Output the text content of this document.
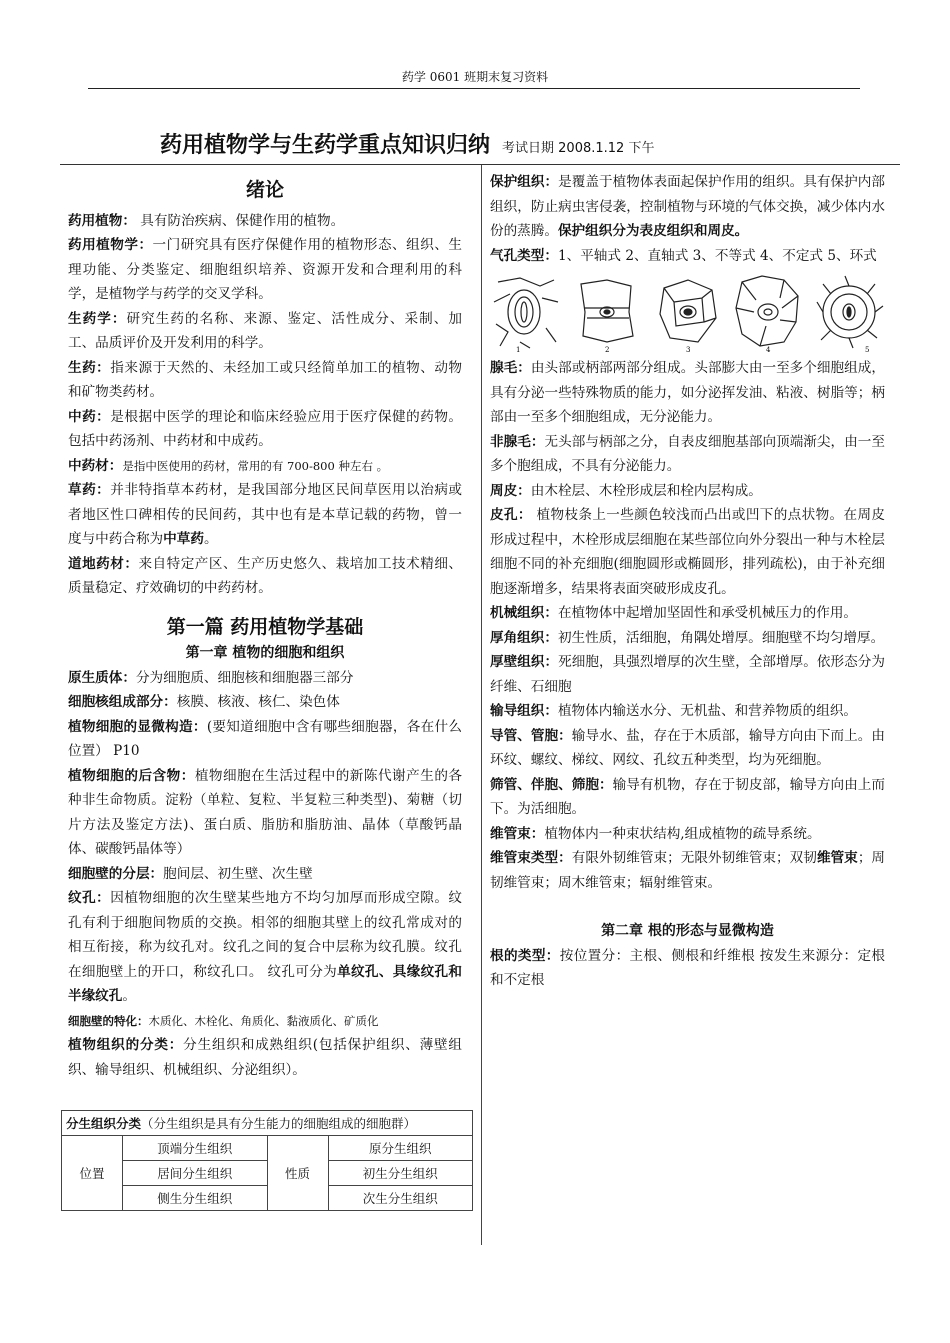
药学 0601 班期末复习资料
药用植物学与生药学重点知识归纳 考试日期 2008.1.12 下午

绪论

药用植物： 具有防治疾病、保健作用的植物。

药用植物学：一门研究具有医疗保健作用的植物形态、组织、生理功能、分类鉴定、细胞组织培养、资源开发和合理利用的科学，是植物学与药学的交叉学科。

生药学：研究生药的名称、来源、鉴定、活性成分、采制、加工、品质评价及开发利用的科学。

生药：指来源于天然的、未经加工或只经简单加工的植物、动物和矿物类药材。

中药：是根据中医学的理论和临床经验应用于医疗保健的药物。包括中药汤剂、中药材和中成药。

中药材：是指中医使用的药材，常用的有 700-800 种左右 。

草药：并非特指草本药材，是我国部分地区民间草医用以治病或者地区性口碑相传的民间药，其中也有是本草记载的药物，曾一度与中药合称为中草药。

道地药材：来自特定产区、生产历史悠久、栽培加工技术精细、质量稳定、疗效确切的中药药材。

第一篇 药用植物学基础

第一章 植物的细胞和组织

原生质体：分为细胞质、细胞核和细胞器三部分

细胞核组成部分：核膜、核液、核仁、染色体

植物细胞的显微构造：(要知道细胞中含有哪些细胞器，各在什么位置） P10

植物细胞的后含物：植物细胞在生活过程中的新陈代谢产生的各种非生命物质。淀粉（单粒、复粒、半复粒三种类型)、菊糖（切片方法及鉴定方法)、蛋白质、脂肪和脂肪油、晶体（草酸钙晶体、碳酸钙晶体等）

细胞壁的分层：胞间层、初生壁、次生壁

纹孔：因植物细胞的次生壁某些地方不均匀加厚而形成空隙。纹孔有利于细胞间物质的交换。相邻的细胞其壁上的纹孔常成对的相互衔接，称为纹孔对。纹孔之间的复合中层称为纹孔膜。纹孔在细胞壁上的开口，称纹孔口。 纹孔可分为单纹孔、具缘纹孔和半缘纹孔。

细胞壁的特化：木质化、木栓化、角质化、黏液质化、矿质化

植物组织的分类：分生组织和成熟组织(包括保护组织、薄壁组织、输导组织、机械组织、分泌组织）。

分生组织分类（分生组织是具有分生能力的细胞组成的细胞群）			
位置	顶端分生组织	性质	原分生组织
	居间分生组织		初生分生组织
	侧生分生组织		次生分生组织

保护组织：是覆盖于植物体表面起保护作用的组织。具有保护内部组织，防止病虫害侵袭，控制植物与环境的气体交换，减少体内水份的蒸腾。保护组织分为表皮组织和周皮。

气孔类型：1、平轴式 2、直轴式 3、不等式 4、不定式 5、环式

1	2	3	4	5

腺毛：由头部或柄部两部分组成。头部膨大由一至多个细胞组成，具有分泌一些特殊物质的能力，如分泌挥发油、粘液、树脂等；柄部由一至多个细胞组成，无分泌能力。

非腺毛：无头部与柄部之分，自表皮细胞基部向顶端渐尖，由一至多个胞组成，不具有分泌能力。

周皮：由木栓层、木栓形成层和栓内层构成。

皮孔： 植物枝条上一些颜色较浅而凸出或凹下的点状物。在周皮形成过程中，木栓形成层细胞在某些部位向外分裂出一种与木栓层细胞不同的补充细胞(细胞圆形或椭圆形，排列疏松)，由于补充细胞逐渐增多，结果将表面突破形成皮孔。

机械组织：在植物体中起增加坚固性和承受机械压力的作用。

厚角组织：初生性质，活细胞，角隅处增厚。细胞壁不均匀增厚。

厚壁组织：死细胞，具强烈增厚的次生壁，全部增厚。依形态分为纤维、石细胞

输导组织：植物体内输送水分、无机盐、和营养物质的组织。

导管、管胞：输导水、盐，存在于木质部，输导方向由下而上。由环纹、螺纹、梯纹、网纹、孔纹五种类型，均为死细胞。

筛管、伴胞、筛胞：输导有机物，存在于韧皮部，输导方向由上而下。为活细胞。

维管束：植物体内一种束状结构,组成植物的疏导系统。

维管束类型：有限外韧维管束；无限外韧维管束；双韧维管束；周韧维管束；周木维管束；辐射维管束。

第二章 根的形态与显微构造

根的类型：按位置分：主根、侧根和纤维根 按发生来源分：定根和不定根
